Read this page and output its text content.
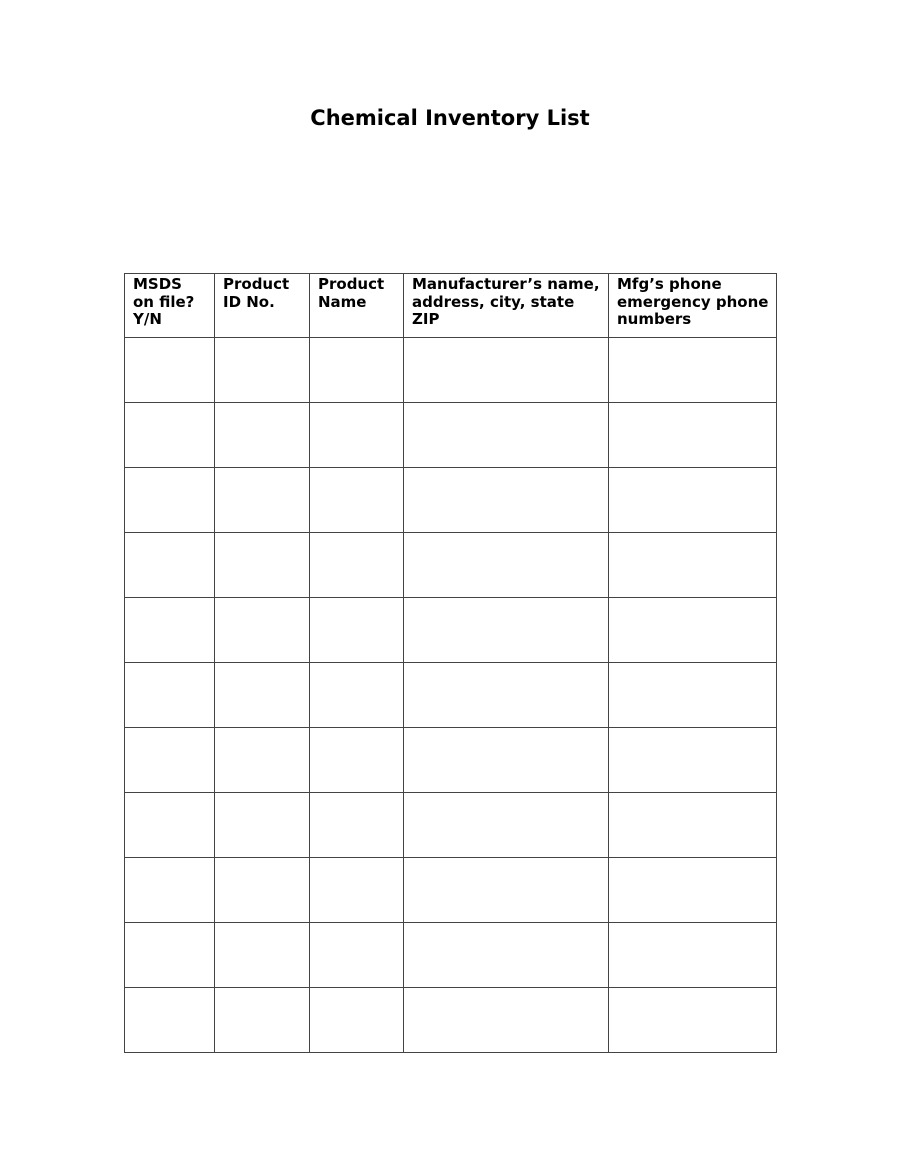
Chemical Inventory List
MSDS on file? Y/N	Product ID No.	Product Name	Manufacturer’s name, address, city, state ZIP	Mfg’s phone emergency phone numbers
